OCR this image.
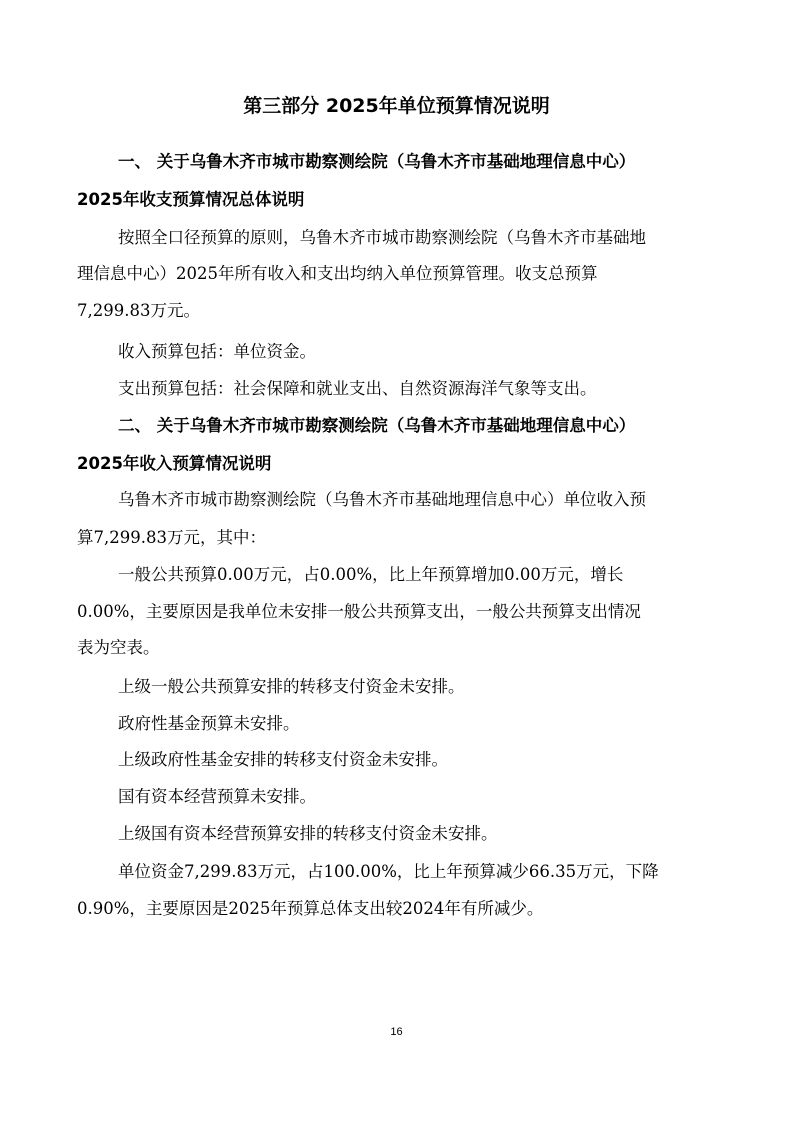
第三部分 2025年单位预算情况说明
一、 关于乌鲁木齐市城市勘察测绘院（乌鲁木齐市基础地理信息中心）
2025年收支预算情况总体说明
按照全口径预算的原则，乌鲁木齐市城市勘察测绘院（乌鲁木齐市基础地
理信息中心）2025年所有收入和支出均纳入单位预算管理。收支总预算
7,299.83万元。
收入预算包括：单位资金。
支出预算包括：社会保障和就业支出、自然资源海洋气象等支出。
二、 关于乌鲁木齐市城市勘察测绘院（乌鲁木齐市基础地理信息中心）
2025年收入预算情况说明
乌鲁木齐市城市勘察测绘院（乌鲁木齐市基础地理信息中心）单位收入预
算7,299.83万元，其中：
一般公共预算0.00万元，占0.00%，比上年预算增加0.00万元，增长
0.00%，主要原因是我单位未安排一般公共预算支出，一般公共预算支出情况
表为空表。
上级一般公共预算安排的转移支付资金未安排。
政府性基金预算未安排。
上级政府性基金安排的转移支付资金未安排。
国有资本经营预算未安排。
上级国有资本经营预算安排的转移支付资金未安排。
单位资金7,299.83万元，占100.00%，比上年预算减少66.35万元，下降
0.90%，主要原因是2025年预算总体支出较2024年有所减少。
16
